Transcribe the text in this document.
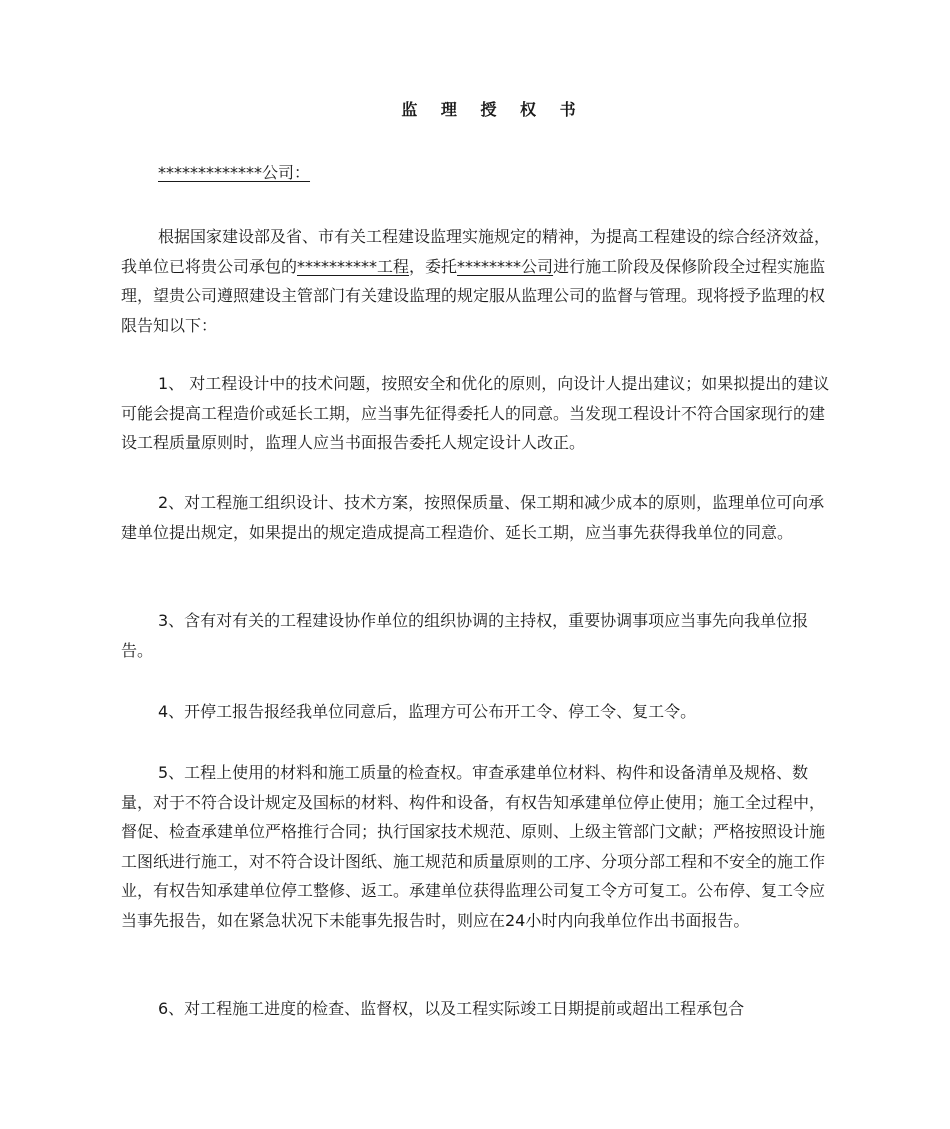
监 理 授 权 书

*************公司：

根据国家建设部及省、市有关工程建设监理实施规定的精神，为提高工程建设的综合经济效益，我单位已将贵公司承包的**********工程，委托********公司进行施工阶段及保修阶段全过程实施监理，望贵公司遵照建设主管部门有关建设监理的规定服从监理公司的监督与管理。现将授予监理的权限告知以下：

1、 对工程设计中的技术问题，按照安全和优化的原则，向设计人提出建议；如果拟提出的建议可能会提高工程造价或延长工期，应当事先征得委托人的同意。当发现工程设计不符合国家现行的建设工程质量原则时，监理人应当书面报告委托人规定设计人改正。

2、对工程施工组织设计、技术方案，按照保质量、保工期和减少成本的原则，监理单位可向承建单位提出规定，如果提出的规定造成提高工程造价、延长工期，应当事先获得我单位的同意。

3、含有对有关的工程建设协作单位的组织协调的主持权，重要协调事项应当事先向我单位报告。

4、开停工报告报经我单位同意后，监理方可公布开工令、停工令、复工令。

5、工程上使用的材料和施工质量的检查权。审查承建单位材料、构件和设备清单及规格、数量，对于不符合设计规定及国标的材料、构件和设备，有权告知承建单位停止使用；施工全过程中，督促、检查承建单位严格推行合同；执行国家技术规范、原则、上级主管部门文献；严格按照设计施工图纸进行施工，对不符合设计图纸、施工规范和质量原则的工序、分项分部工程和不安全的施工作业，有权告知承建单位停工整修、返工。承建单位获得监理公司复工令方可复工。公布停、复工令应当事先报告，如在紧急状况下未能事先报告时，则应在24小时内向我单位作出书面报告。

6、对工程施工进度的检查、监督权，以及工程实际竣工日期提前或超出工程承包合
